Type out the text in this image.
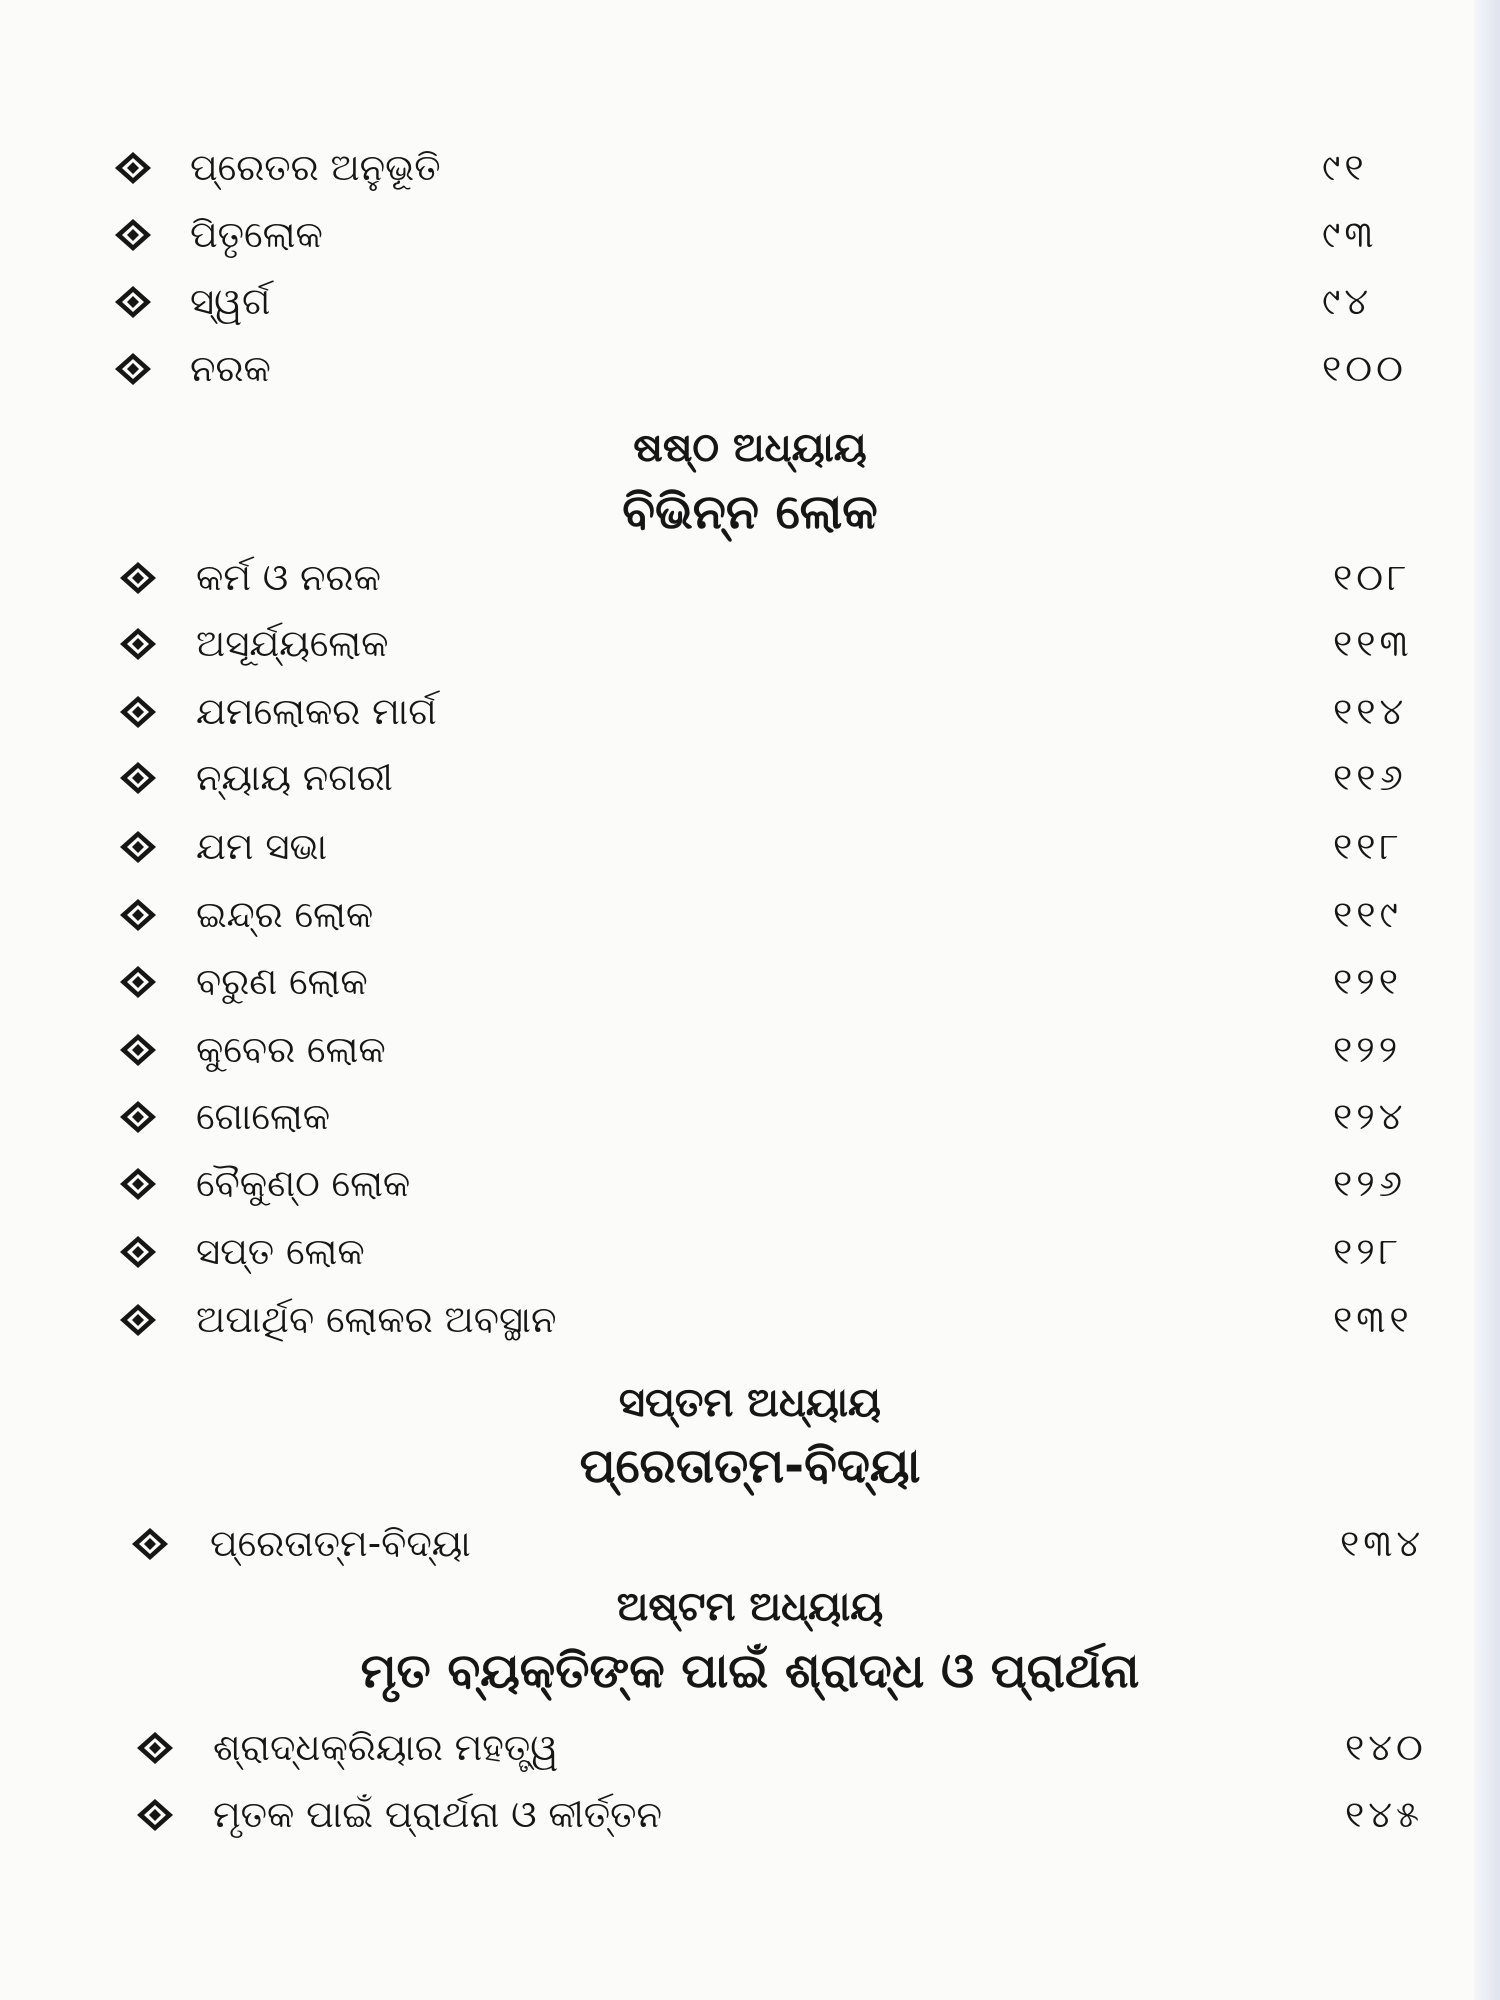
ପ୍ରେତର ଅନୁଭୂତି	୯୧
ପିତୃଲୋକ	୯୩
ସ୍ୱର୍ଗ	୯୪
ନରକ	୧୦୦
ଷଷ୍ଠ ଅଧ୍ୟାୟ
ବିଭିନ୍ନ ଲୋକ
କର୍ମ ଓ ନରକ	୧୦୮
ଅସୂର୍ଯ୍ୟଲୋକ	୧୧୩
ଯମଲୋକର ମାର୍ଗ	୧୧୪
ନ୍ୟାୟ ନଗରୀ	୧୧୬
ଯମ ସଭା	୧୧୮
ଇନ୍ଦ୍ର ଲୋକ	୧୧୯
ବରୁଣ ଲୋକ	୧୨୧
କୁବେର ଲୋକ	୧୨୨
ଗୋଲୋକ	୧୨୪
ବୈକୁଣ୍ଠ ଲୋକ	୧୨୬
ସପ୍ତ ଲୋକ	୧୨୮
ଅପାର୍ଥିବ ଲୋକର ଅବସ୍ଥାନ	୧୩୧
ସପ୍ତମ ଅଧ୍ୟାୟ
ପ୍ରେତାତ୍ମ-ବିଦ୍ୟା
ପ୍ରେତାତ୍ମ-ବିଦ୍ୟା	୧୩୪
ଅଷ୍ଟମ ଅଧ୍ୟାୟ
ମୃତ ବ୍ୟକ୍ତିଙ୍କ ପାଇଁ ଶ୍ରାଦ୍ଧ ଓ ପ୍ରାର୍ଥନା
ଶ୍ରାଦ୍ଧକ୍ରିୟାର ମହତ୍ତ୍ୱ	୧୪୦
ମୃତକ ପାଇଁ ପ୍ରାର୍ଥନା ଓ କୀର୍ତ୍ତନ	୧୪୫
